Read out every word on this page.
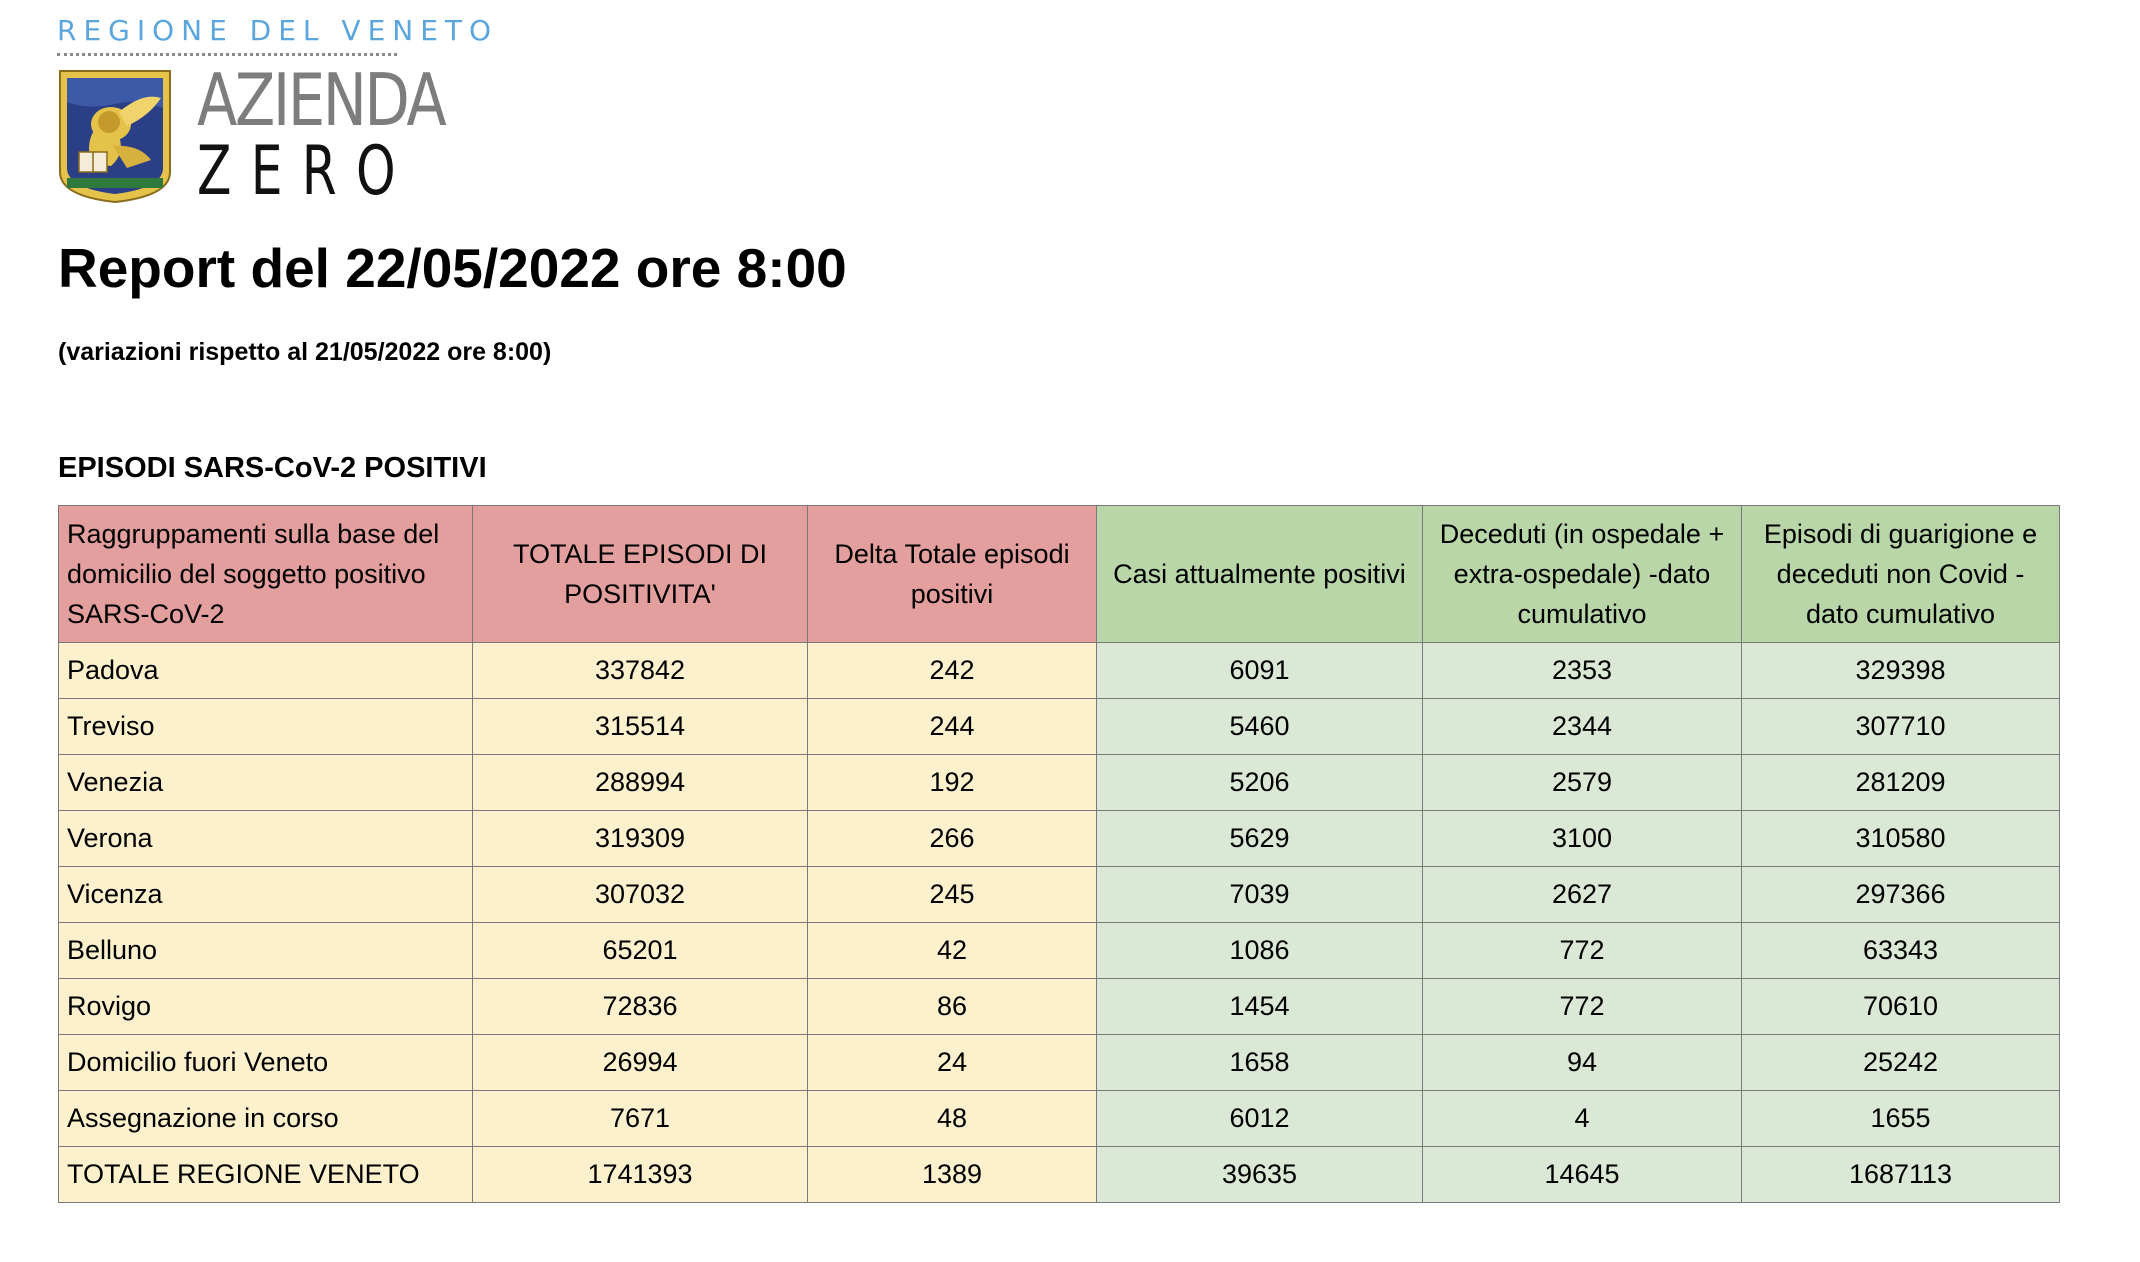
REGIONE DEL VENETO
AZIENDA
ZERO
Report del 22/05/2022 ore 8:00

(variazioni rispetto al 21/05/2022 ore 8:00)

EPISODI SARS-CoV-2 POSITIVI

Raggruppamenti sulla base del domicilio del soggetto positivo SARS-CoV-2	TOTALE EPISODI DI POSITIVITA'	Delta Totale episodi positivi	Casi attualmente positivi	Deceduti (in ospedale + extra-ospedale) -dato cumulativo	Episodi di guarigione e deceduti non Covid - dato cumulativo
Padova	337842	242	6091	2353	329398
Treviso	315514	244	5460	2344	307710
Venezia	288994	192	5206	2579	281209
Verona	319309	266	5629	3100	310580
Vicenza	307032	245	7039	2627	297366
Belluno	65201	42	1086	772	63343
Rovigo	72836	86	1454	772	70610
Domicilio fuori Veneto	26994	24	1658	94	25242
Assegnazione in corso	7671	48	6012	4	1655
TOTALE REGIONE VENETO	1741393	1389	39635	14645	1687113
